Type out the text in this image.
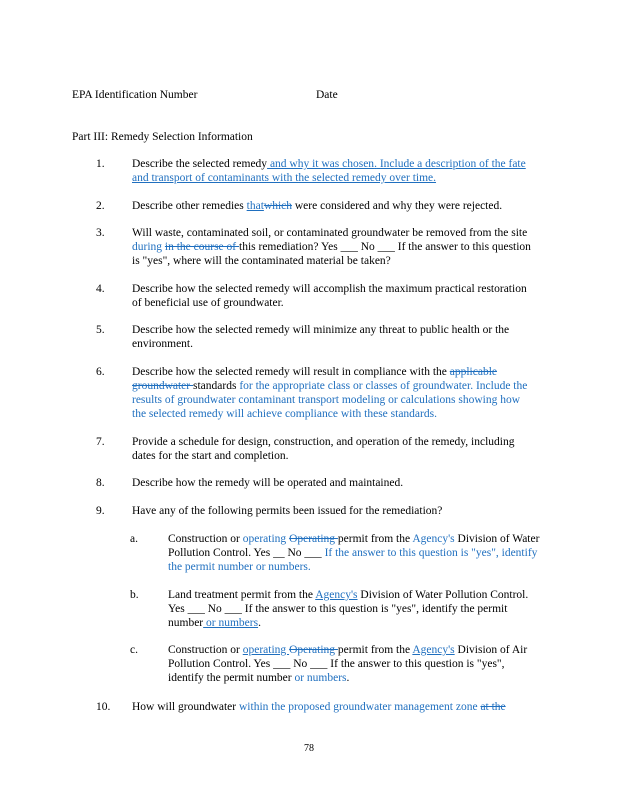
EPA Identification Number	Date
Part III: Remedy Selection Information
1. Describe the selected remedy and why it was chosen. Include a description of the fate and transport of contaminants with the selected remedy over time.
2. Describe other remedies thatwhich were considered and why they were rejected.
3. Will waste, contaminated soil, or contaminated groundwater be removed from the site during in the course of this remediation? Yes ___ No ___ If the answer to this question is "yes", where will the contaminated material be taken?
4. Describe how the selected remedy will accomplish the maximum practical restoration of beneficial use of groundwater.
5. Describe how the selected remedy will minimize any threat to public health or the environment.
6. Describe how the selected remedy will result in compliance with the applicable groundwater standards for the appropriate class or classes of groundwater. Include the results of groundwater contaminant transport modeling or calculations showing how the selected remedy will achieve compliance with these standards.
7. Provide a schedule for design, construction, and operation of the remedy, including dates for the start and completion.
8. Describe how the remedy will be operated and maintained.
9. Have any of the following permits been issued for the remediation?
a.	Construction or operating Operating permit from the Agency's Division of Water Pollution Control. Yes __ No ___ If the answer to this question is "yes", identify the permit number or numbers.
b.	Land treatment permit from the Agency's Division of Water Pollution Control. Yes ___ No ___ If the answer to this question is "yes", identify the permit number or numbers.
c.	Construction or operating Operating permit from the Agency's Division of Air Pollution Control. Yes ___ No ___ If the answer to this question is "yes", identify the permit number or numbers.
10. How will groundwater within the proposed groundwater management zone at the
78
